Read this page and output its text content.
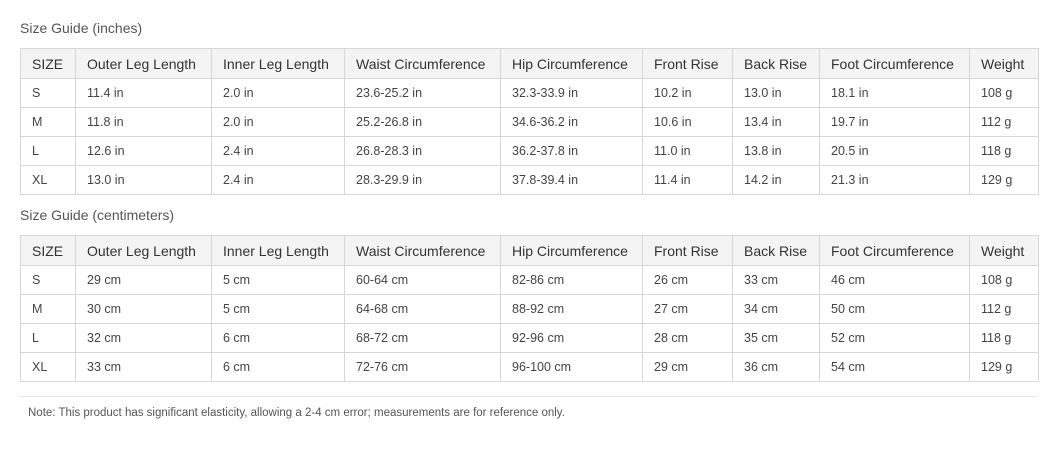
Size Guide (inches)
SIZE	Outer Leg Length	Inner Leg Length	Waist Circumference	Hip Circumference	Front Rise	Back Rise	Foot Circumference	Weight
S	11.4 in	2.0 in	23.6-25.2 in	32.3-33.9 in	10.2 in	13.0 in	18.1 in	108 g
M	11.8 in	2.0 in	25.2-26.8 in	34.6-36.2 in	10.6 in	13.4 in	19.7 in	112 g
L	12.6 in	2.4 in	26.8-28.3 in	36.2-37.8 in	11.0 in	13.8 in	20.5 in	118 g
XL	13.0 in	2.4 in	28.3-29.9 in	37.8-39.4 in	11.4 in	14.2 in	21.3 in	129 g
Size Guide (centimeters)
SIZE	Outer Leg Length	Inner Leg Length	Waist Circumference	Hip Circumference	Front Rise	Back Rise	Foot Circumference	Weight
S	29 cm	5 cm	60-64 cm	82-86 cm	26 cm	33 cm	46 cm	108 g
M	30 cm	5 cm	64-68 cm	88-92 cm	27 cm	34 cm	50 cm	112 g
L	32 cm	6 cm	68-72 cm	92-96 cm	28 cm	35 cm	52 cm	118 g
XL	33 cm	6 cm	72-76 cm	96-100 cm	29 cm	36 cm	54 cm	129 g
Note: This product has significant elasticity, allowing a 2-4 cm error; measurements are for reference only.
